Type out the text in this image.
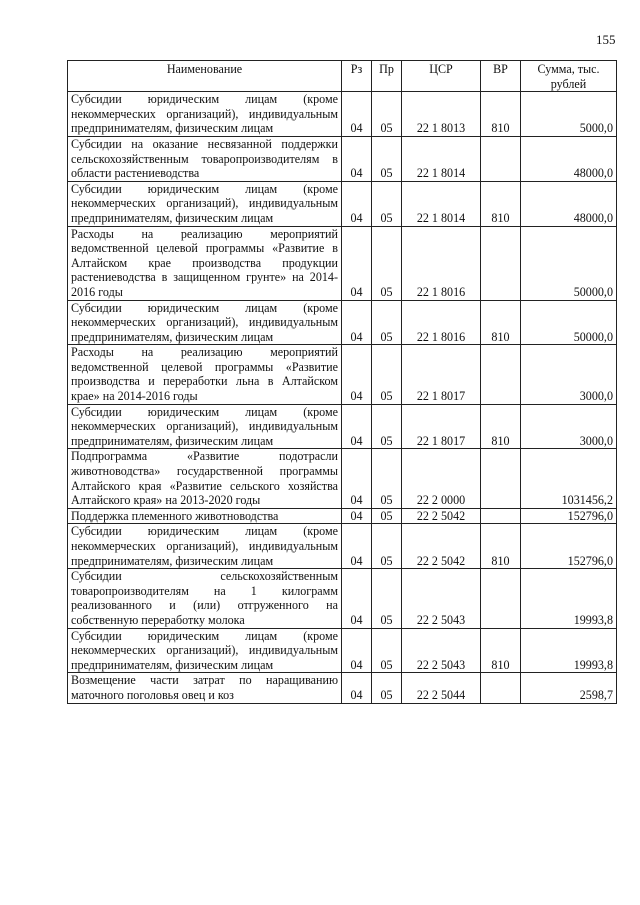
155
Наименование	Рз	Пр	ЦСР	ВР	Сумма, тыс. рублей
Субсидии юридическим лицам (кроме некоммерческих организаций), индивидуальным предпринимателям, физическим лицам	04	05	22 1 8013	810	5000,0
Субсидии на оказание несвязанной поддержки сельскохозяйственным товаропроизводителям в области растениеводства	04	05	22 1 8014		48000,0
Субсидии юридическим лицам (кроме некоммерческих организаций), индивидуальным предпринимателям, физическим лицам	04	05	22 1 8014	810	48000,0
Расходы на реализацию мероприятий ведомственной целевой программы «Развитие в Алтайском крае производства продукции растениеводства в защищенном грунте» на 2014-2016 годы	04	05	22 1 8016		50000,0
Субсидии юридическим лицам (кроме некоммерческих организаций), индивидуальным предпринимателям, физическим лицам	04	05	22 1 8016	810	50000,0
Расходы на реализацию мероприятий ведомственной целевой программы «Развитие производства и переработки льна в Алтайском крае» на 2014-2016 годы	04	05	22 1 8017		3000,0
Субсидии юридическим лицам (кроме некоммерческих организаций), индивидуальным предпринимателям, физическим лицам	04	05	22 1 8017	810	3000,0
Подпрограмма «Развитие подотрасли животноводства» государственной программы Алтайского края «Развитие сельского хозяйства Алтайского края» на 2013-2020 годы	04	05	22 2 0000		1031456,2
Поддержка племенного животноводства	04	05	22 2 5042		152796,0
Субсидии юридическим лицам (кроме некоммерческих организаций), индивидуальным предпринимателям, физическим лицам	04	05	22 2 5042	810	152796,0
Субсидии сельскохозяйственным товаропроизводителям на 1 килограмм реализованного и (или) отгруженного на собственную переработку молока	04	05	22 2 5043		19993,8
Субсидии юридическим лицам (кроме некоммерческих организаций), индивидуальным предпринимателям, физическим лицам	04	05	22 2 5043	810	19993,8
Возмещение части затрат по наращиванию маточного поголовья овец и коз	04	05	22 2 5044		2598,7
